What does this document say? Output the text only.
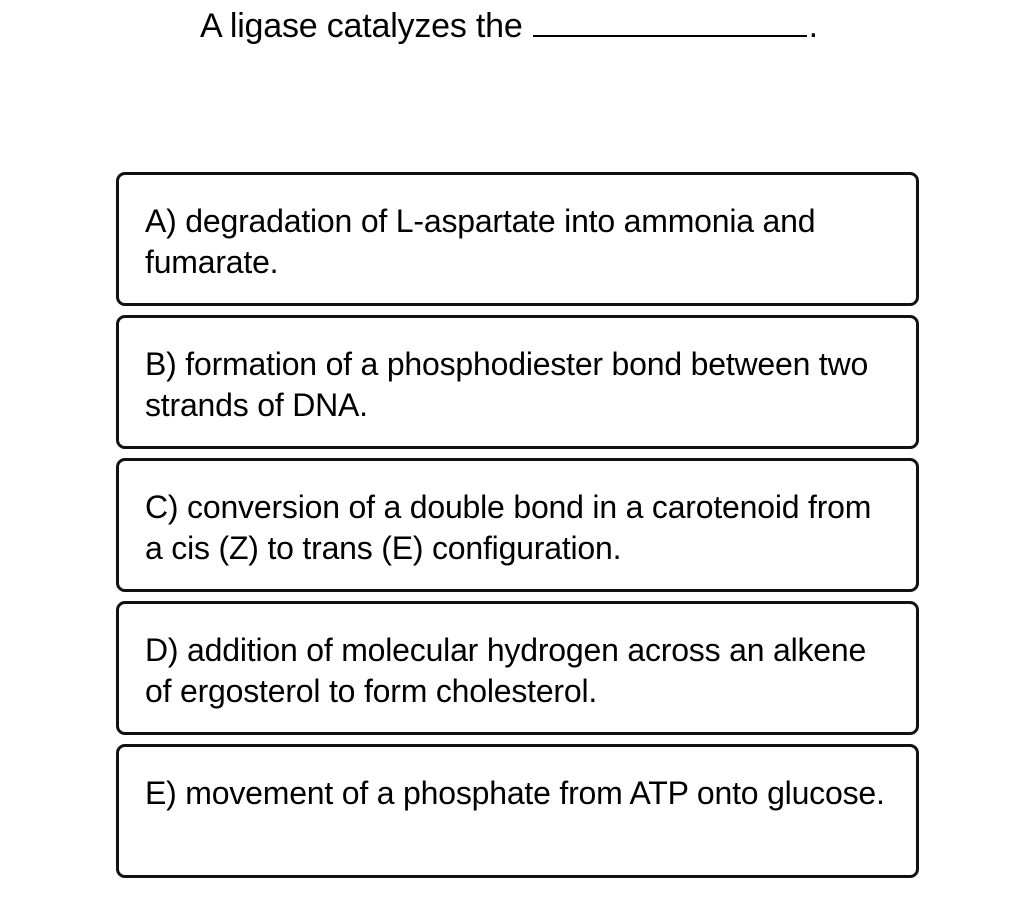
A ligase catalyzes the	.
A) degradation of L-aspartate into ammonia and fumarate.
B) formation of a phosphodiester bond between two strands of DNA.
C) conversion of a double bond in a carotenoid from a cis (Z) to trans (E) configuration.
D) addition of molecular hydrogen across an alkene of ergosterol to form cholesterol.
E) movement of a phosphate from ATP onto glucose.
